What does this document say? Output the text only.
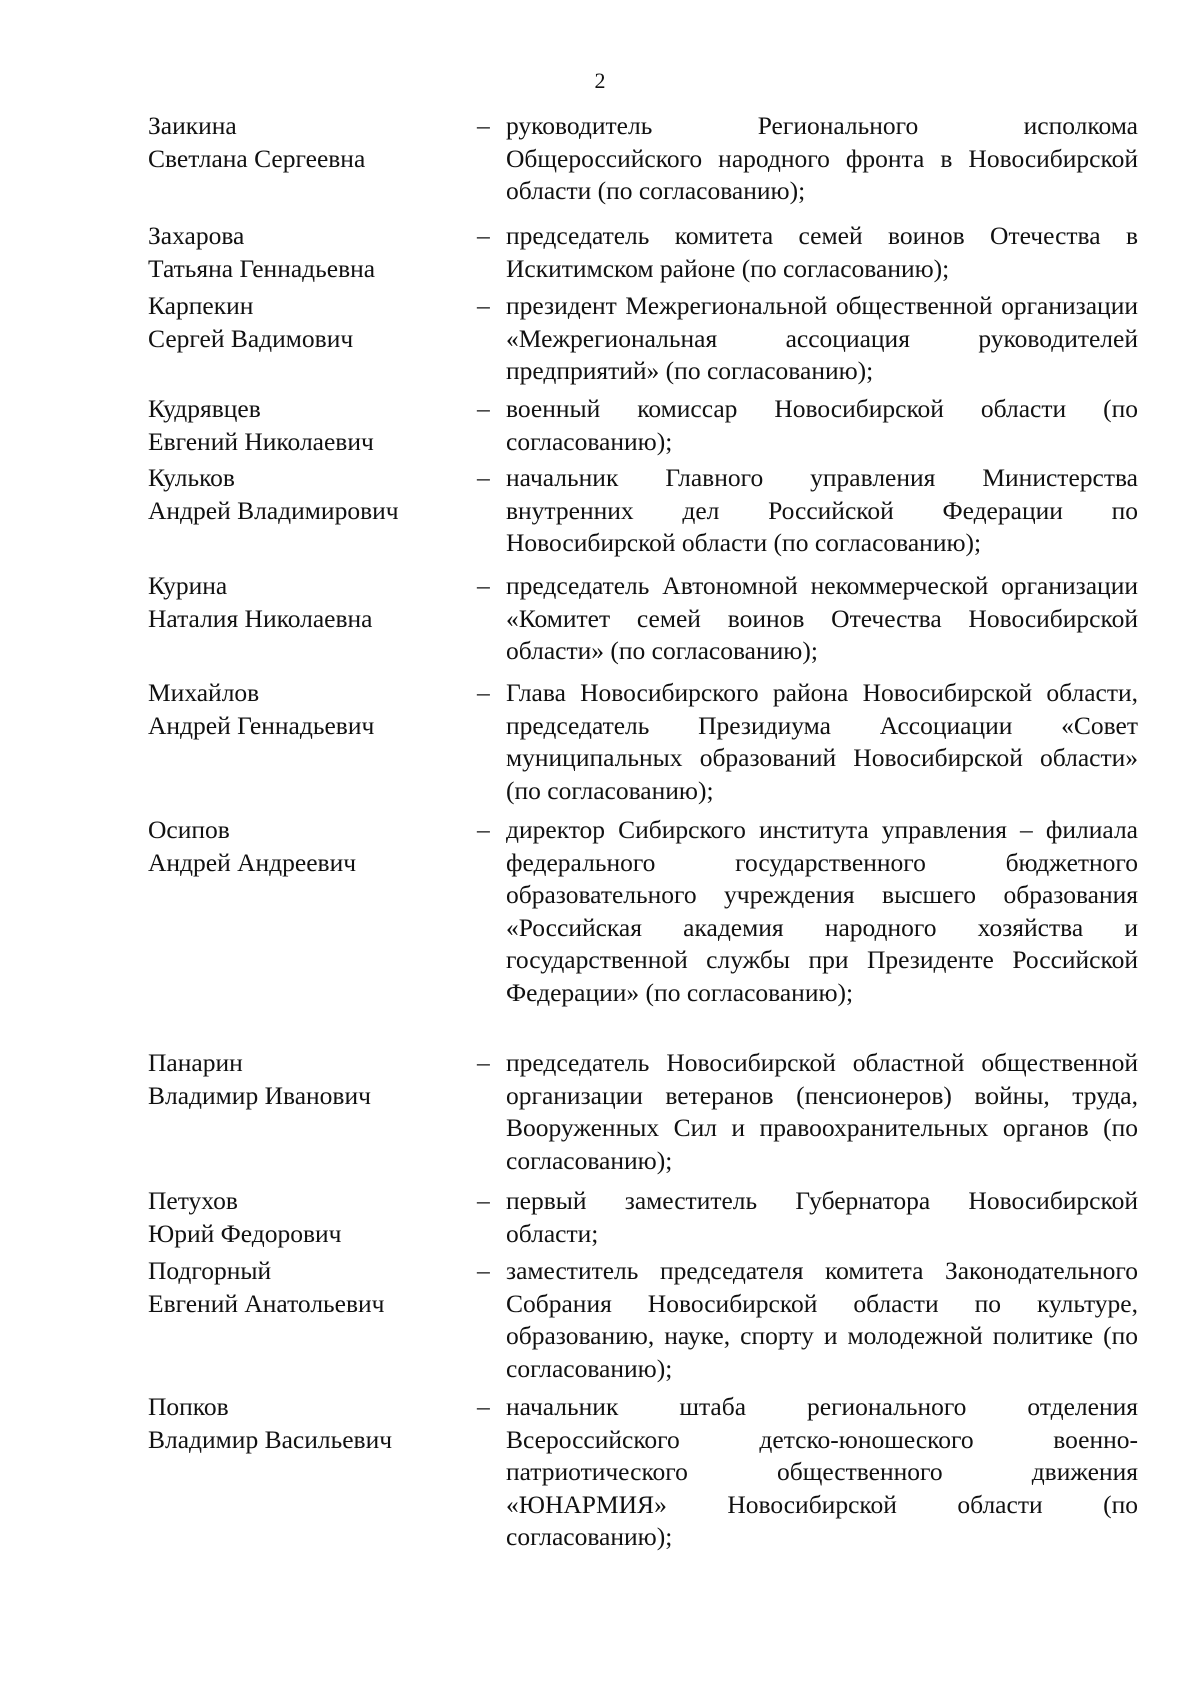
2
Заикина
Светлана Сергеевна
– руководитель Регионального исполкома Общероссийского народного фронта в Новосибирской области (по согласованию);
Захарова
Татьяна Геннадьевна
– председатель комитета семей воинов Отечества в Искитимском районе (по согласованию);
Карпекин
Сергей Вадимович
– президент Межрегиональной общественной организации «Межрегиональная ассоциация руководителей предприятий» (по согласованию);
Кудрявцев
Евгений Николаевич
– военный комиссар Новосибирской области (по согласованию);
Кульков
Андрей Владимирович
– начальник Главного управления Министерства внутренних дел Российской Федерации по Новосибирской области (по согласованию);
Курина
Наталия Николаевна
– председатель Автономной некоммерческой организации «Комитет семей воинов Отечества Новосибирской области» (по согласованию);
Михайлов
Андрей Геннадьевич
– Глава Новосибирского района Новосибирской области, председатель Президиума Ассоциации «Совет муниципальных образований Новосибирской области» (по согласованию);
Осипов
Андрей Андреевич
– директор Сибирского института управления – филиала федерального государственного бюджетного образовательного учреждения высшего образования «Российская академия народного хозяйства и государственной службы при Президенте Российской Федерации» (по согласованию);
Панарин
Владимир Иванович
– председатель Новосибирской областной общественной организации ветеранов (пенсионеров) войны, труда, Вооруженных Сил и правоохранительных органов (по согласованию);
Петухов
Юрий Федорович
– первый заместитель Губернатора Новосибирской области;
Подгорный
Евгений Анатольевич
– заместитель председателя комитета Законодательного Собрания Новосибирской области по культуре, образованию, науке, спорту и молодежной политике (по согласованию);
Попков
Владимир Васильевич
– начальник штаба регионального отделения Всероссийского детско-юношеского военно-патриотического общественного движения «ЮНАРМИЯ» Новосибирской области (по согласованию);
